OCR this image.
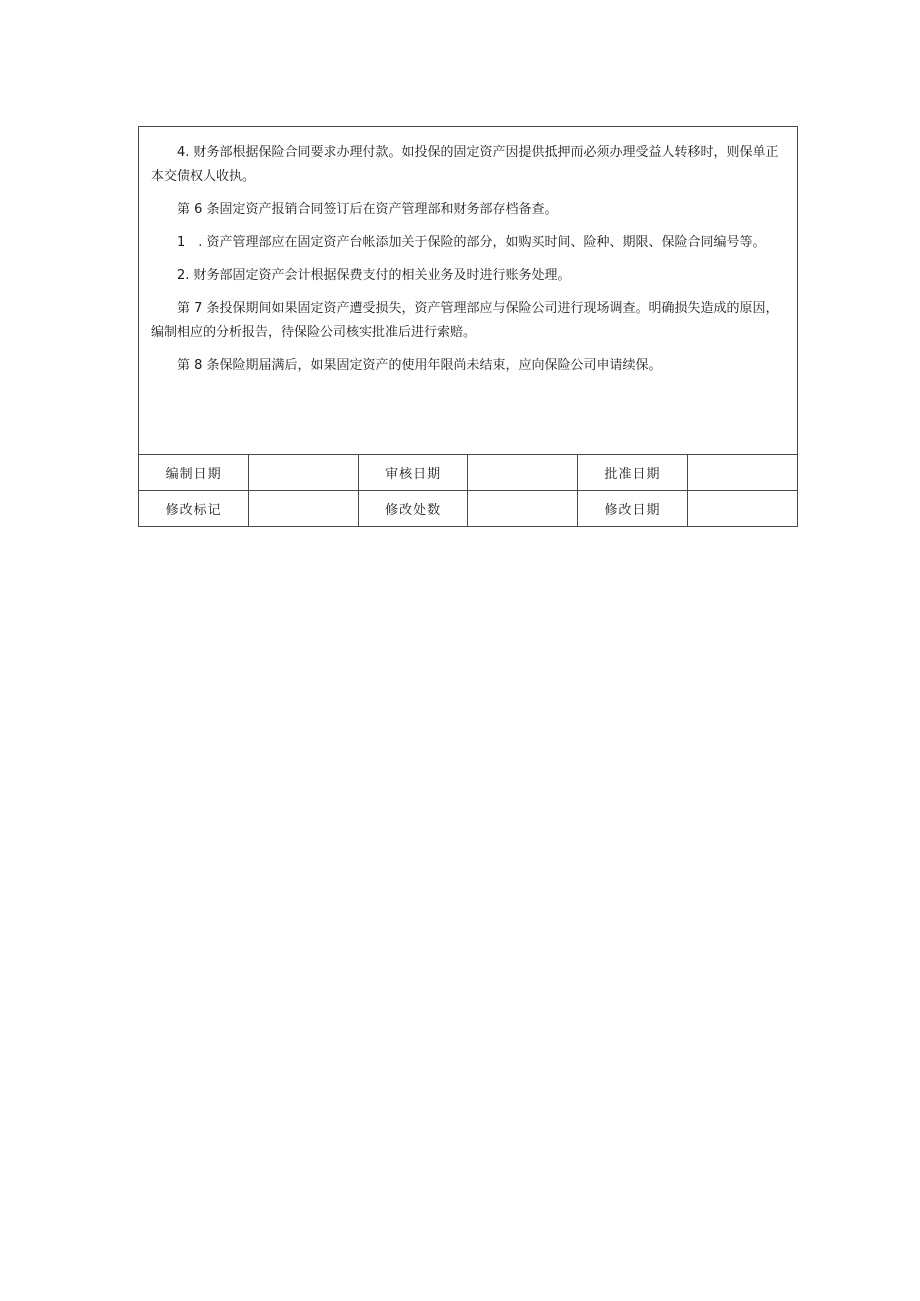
4. 财务部根据保险合同要求办理付款。如投保的固定资产因提供抵押而必须办理受益人转移时，则保单正本交债权人收执。

第 6 条固定资产报销合同签订后在资产管理部和财务部存档备查。

1　. 资产管理部应在固定资产台帐添加关于保险的部分，如购买时间、险种、期限、保险合同编号等。

2. 财务部固定资产会计根据保费支付的相关业务及时进行账务处理。

第 7 条投保期间如果固定资产遭受损失，资产管理部应与保险公司进行现场调查。明确损失造成的原因，编制相应的分析报告，待保险公司核实批准后进行索赔。

第 8 条保险期届满后，如果固定资产的使用年限尚未结束，应向保险公司申请续保。

编制日期		审核日期		批准日期	
修改标记		修改处数		修改日期	
